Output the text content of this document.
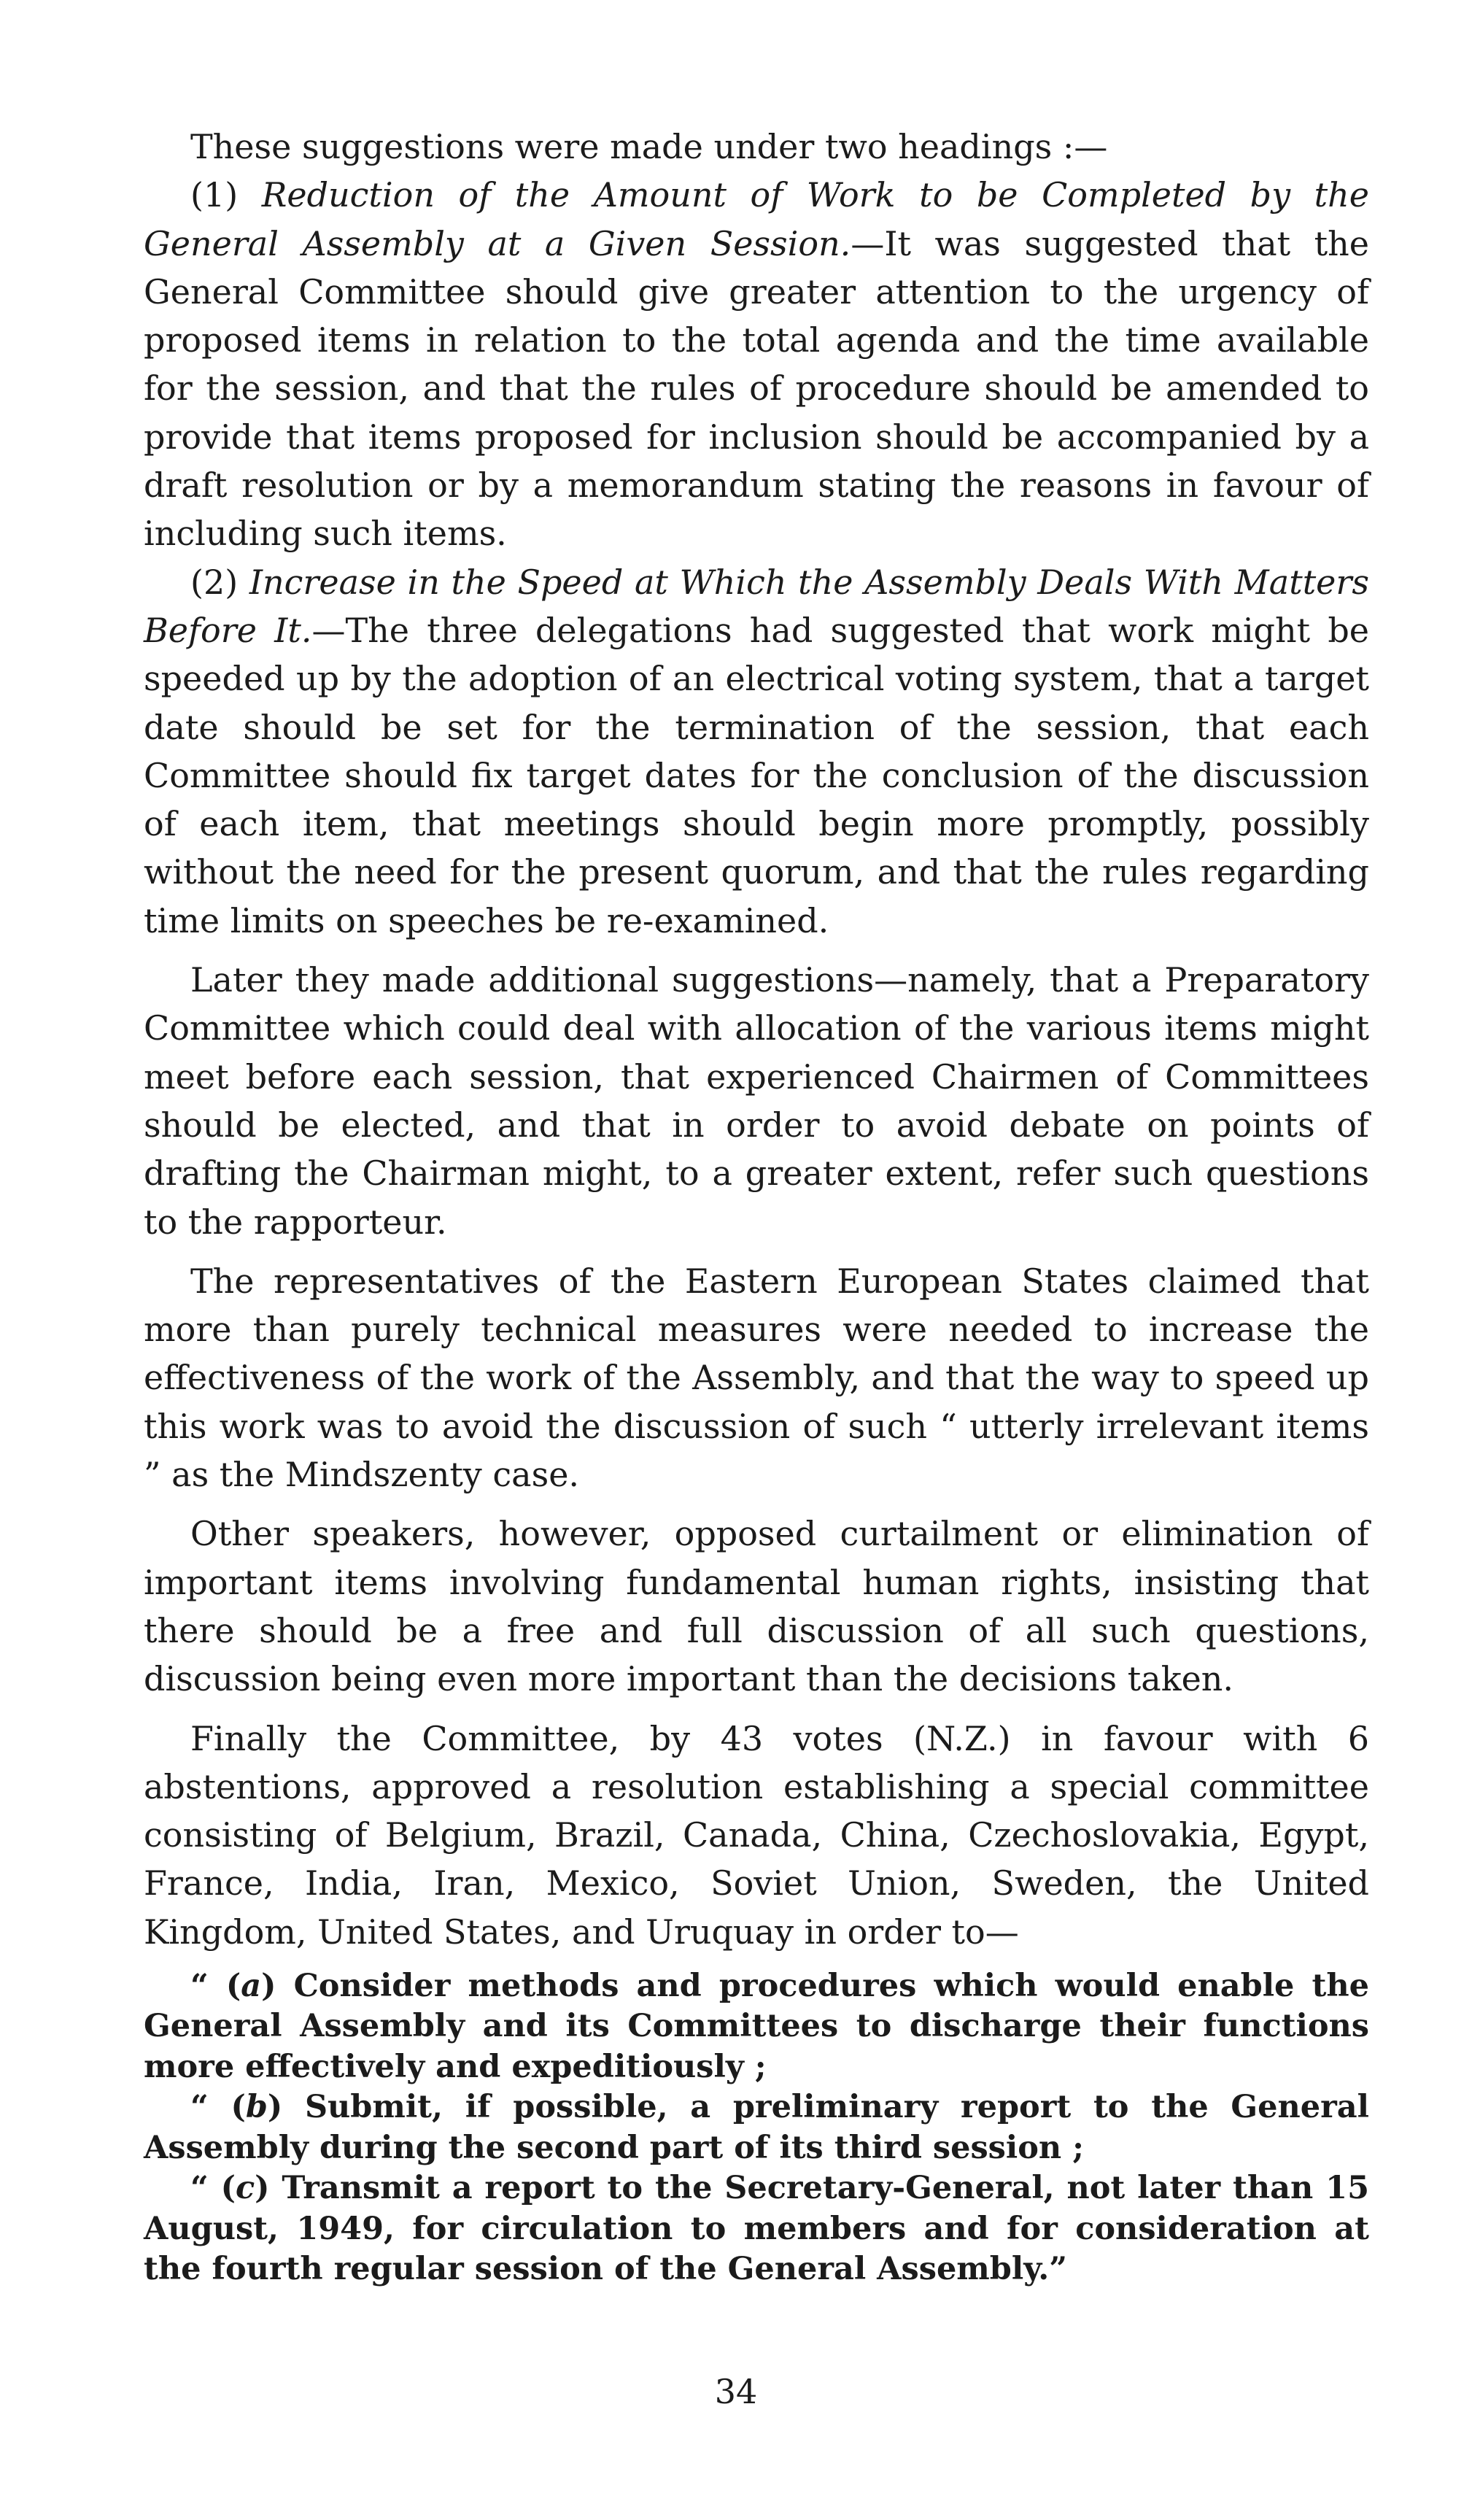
These suggestions were made under two headings :—

(1) Reduction of the Amount of Work to be Completed by the General Assembly at a Given Session.—It was suggested that the General Committee should give greater attention to the urgency of proposed items in relation to the total agenda and the time available for the session, and that the rules of procedure should be amended to provide that items proposed for inclusion should be accompanied by a draft resolution or by a memorandum stating the reasons in favour of including such items.

(2) Increase in the Speed at Which the Assembly Deals With Matters Before It.—The three delegations had suggested that work might be speeded up by the adoption of an electrical voting system, that a target date should be set for the termination of the session, that each Committee should fix target dates for the conclusion of the discussion of each item, that meetings should begin more promptly, possibly without the need for the present quorum, and that the rules regarding time limits on speeches be re-examined.

Later they made additional suggestions—namely, that a Preparatory Committee which could deal with allocation of the various items might meet before each session, that experienced Chairmen of Committees should be elected, and that in order to avoid debate on points of drafting the Chairman might, to a greater extent, refer such questions to the rapporteur.

The representatives of the Eastern European States claimed that more than purely technical measures were needed to increase the effectiveness of the work of the Assembly, and that the way to speed up this work was to avoid the discussion of such “ utterly irrelevant items ” as the Mindszenty case.

Other speakers, however, opposed curtailment or elimination of important items involving fundamental human rights, insisting that there should be a free and full discussion of all such questions, discussion being even more important than the decisions taken.

Finally the Committee, by 43 votes (N.Z.) in favour with 6 abstentions, approved a resolution establishing a special committee consisting of Belgium, Brazil, Canada, China, Czechoslovakia, Egypt, France, India, Iran, Mexico, Soviet Union, Sweden, the United Kingdom, United States, and Uruquay in order to—

“ (a) Consider methods and procedures which would enable the General Assembly and its Committees to discharge their functions more effectively and expeditiously ;

“ (b) Submit, if possible, a preliminary report to the General Assembly during the second part of its third session ;

“ (c) Transmit a report to the Secretary-General, not later than 15 August, 1949, for circulation to members and for consideration at the fourth regular session of the General Assembly.”

34
